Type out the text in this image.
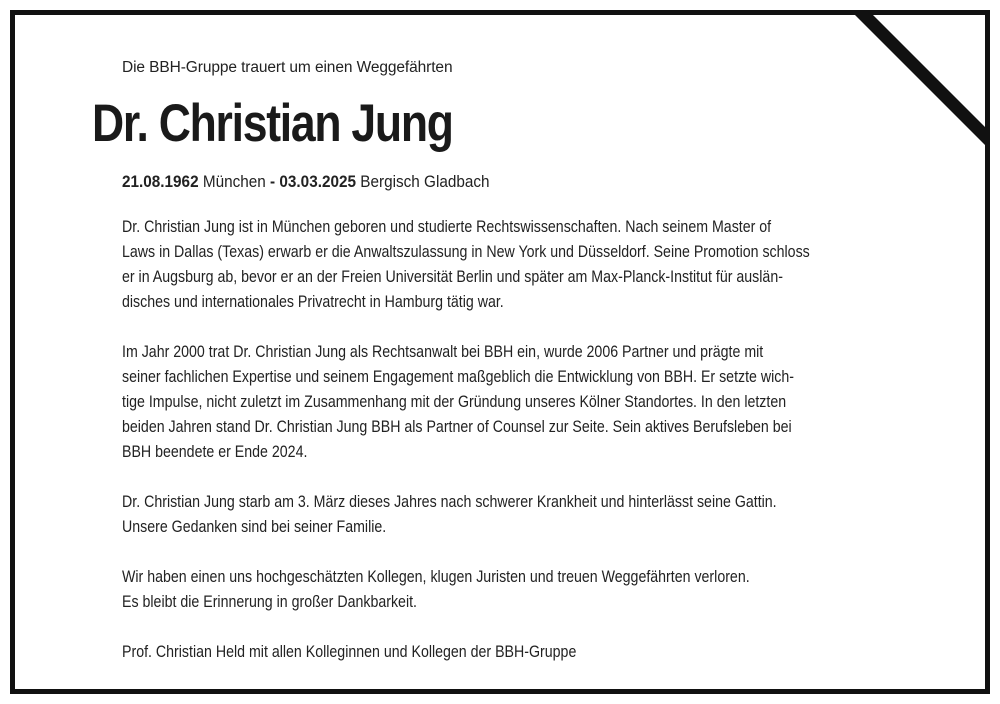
Die BBH-Gruppe trauert um einen Weggefährten
Dr. Christian Jung
21.08.1962 München - 03.03.2025 Bergisch Gladbach

Dr. Christian Jung ist in München geboren und studierte Rechtswissenschaften. Nach seinem Master of
Laws in Dallas (Texas) erwarb er die Anwaltszulassung in New York und Düsseldorf. Seine Promotion schloss
er in Augsburg ab, bevor er an der Freien Universität Berlin und später am Max-Planck-Institut für auslän-
disches und internationales Privatrecht in Hamburg tätig war.

Im Jahr 2000 trat Dr. Christian Jung als Rechtsanwalt bei BBH ein, wurde 2006 Partner und prägte mit
seiner fachlichen Expertise und seinem Engagement maßgeblich die Entwicklung von BBH. Er setzte wich-
tige Impulse, nicht zuletzt im Zusammenhang mit der Gründung unseres Kölner Standortes. In den letzten
beiden Jahren stand Dr. Christian Jung BBH als Partner of Counsel zur Seite. Sein aktives Berufsleben bei
BBH beendete er Ende 2024.

Dr. Christian Jung starb am 3. März dieses Jahres nach schwerer Krankheit und hinterlässt seine Gattin.
Unsere Gedanken sind bei seiner Familie.

Wir haben einen uns hochgeschätzten Kollegen, klugen Juristen und treuen Weggefährten verloren.
Es bleibt die Erinnerung in großer Dankbarkeit.

Prof. Christian Held mit allen Kolleginnen und Kollegen der BBH-Gruppe
